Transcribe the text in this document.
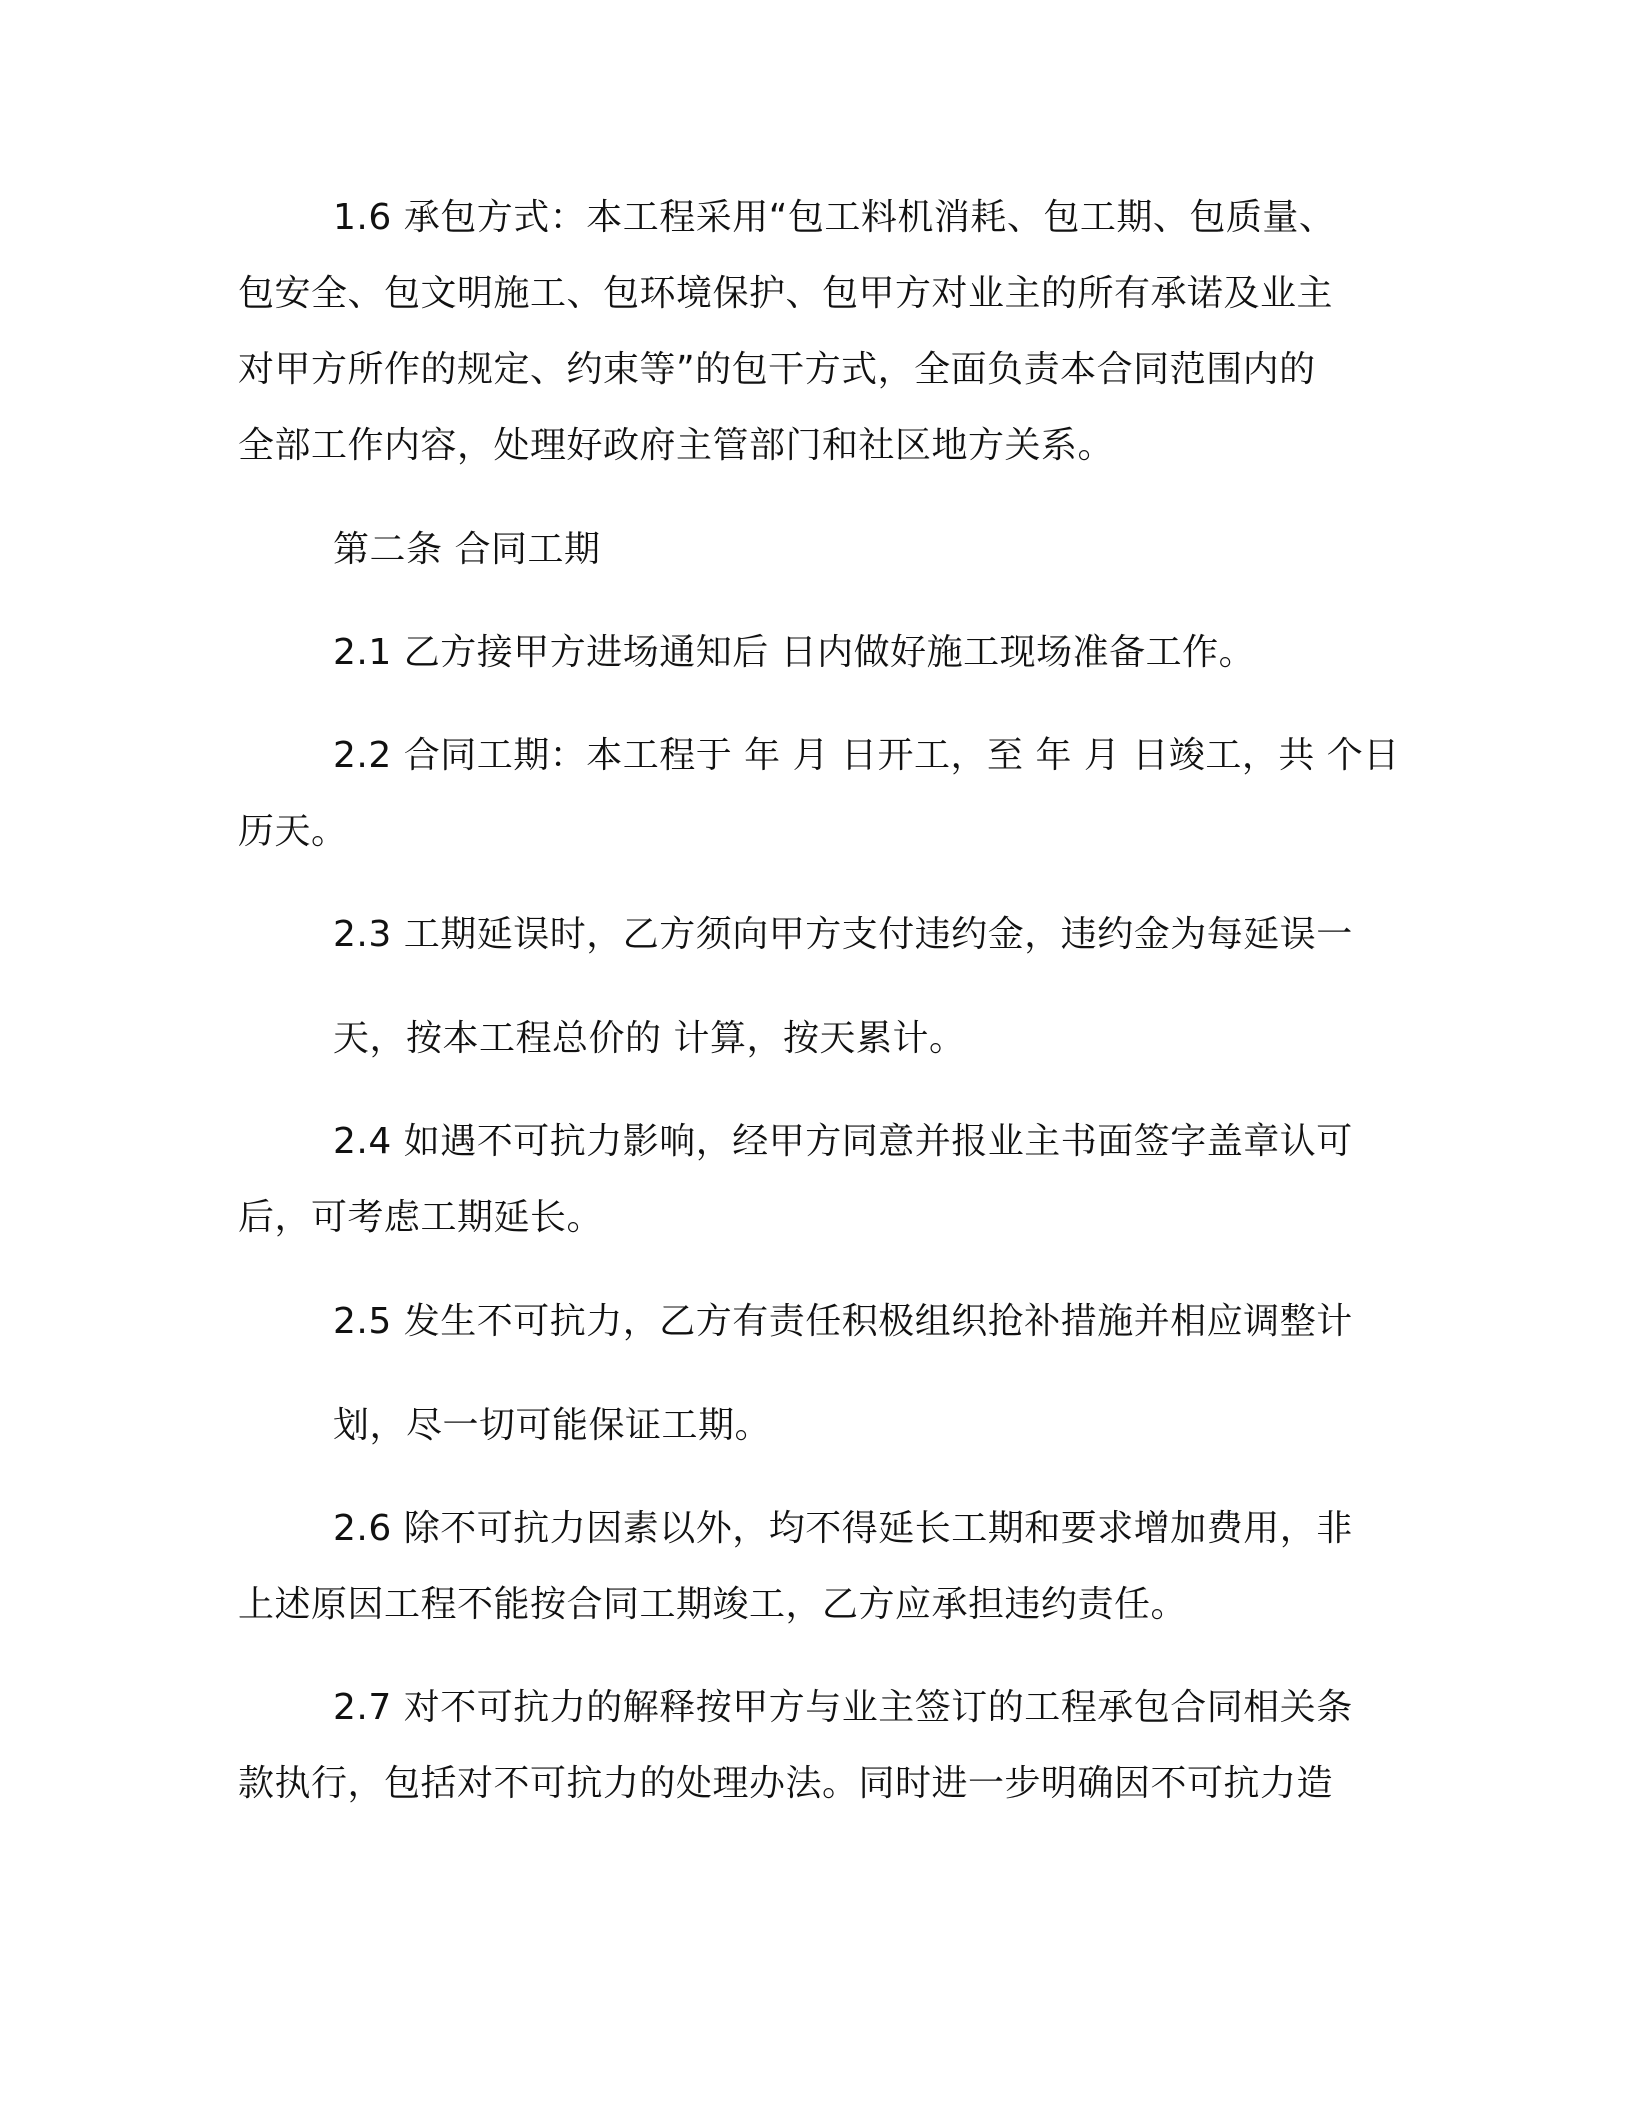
1.6 承包方式：本工程采用“包工料机消耗、包工期、包质量、
包安全、包文明施工、包环境保护、包甲方对业主的所有承诺及业主
对甲方所作的规定、约束等”的包干方式，全面负责本合同范围内的
全部工作内容，处理好政府主管部门和社区地方关系。
第二条 合同工期
2.1 乙方接甲方进场通知后 日内做好施工现场准备工作。
2.2 合同工期：本工程于 年 月 日开工，至 年 月 日竣工，共 个日
历天。
2.3 工期延误时，乙方须向甲方支付违约金，违约金为每延误一
天，按本工程总价的 计算，按天累计。
2.4 如遇不可抗力影响，经甲方同意并报业主书面签字盖章认可
后，可考虑工期延长。
2.5 发生不可抗力，乙方有责任积极组织抢补措施并相应调整计
划，尽一切可能保证工期。
2.6 除不可抗力因素以外，均不得延长工期和要求增加费用，非
上述原因工程不能按合同工期竣工，乙方应承担违约责任。
2.7 对不可抗力的解释按甲方与业主签订的工程承包合同相关条
款执行，包括对不可抗力的处理办法。同时进一步明确因不可抗力造
